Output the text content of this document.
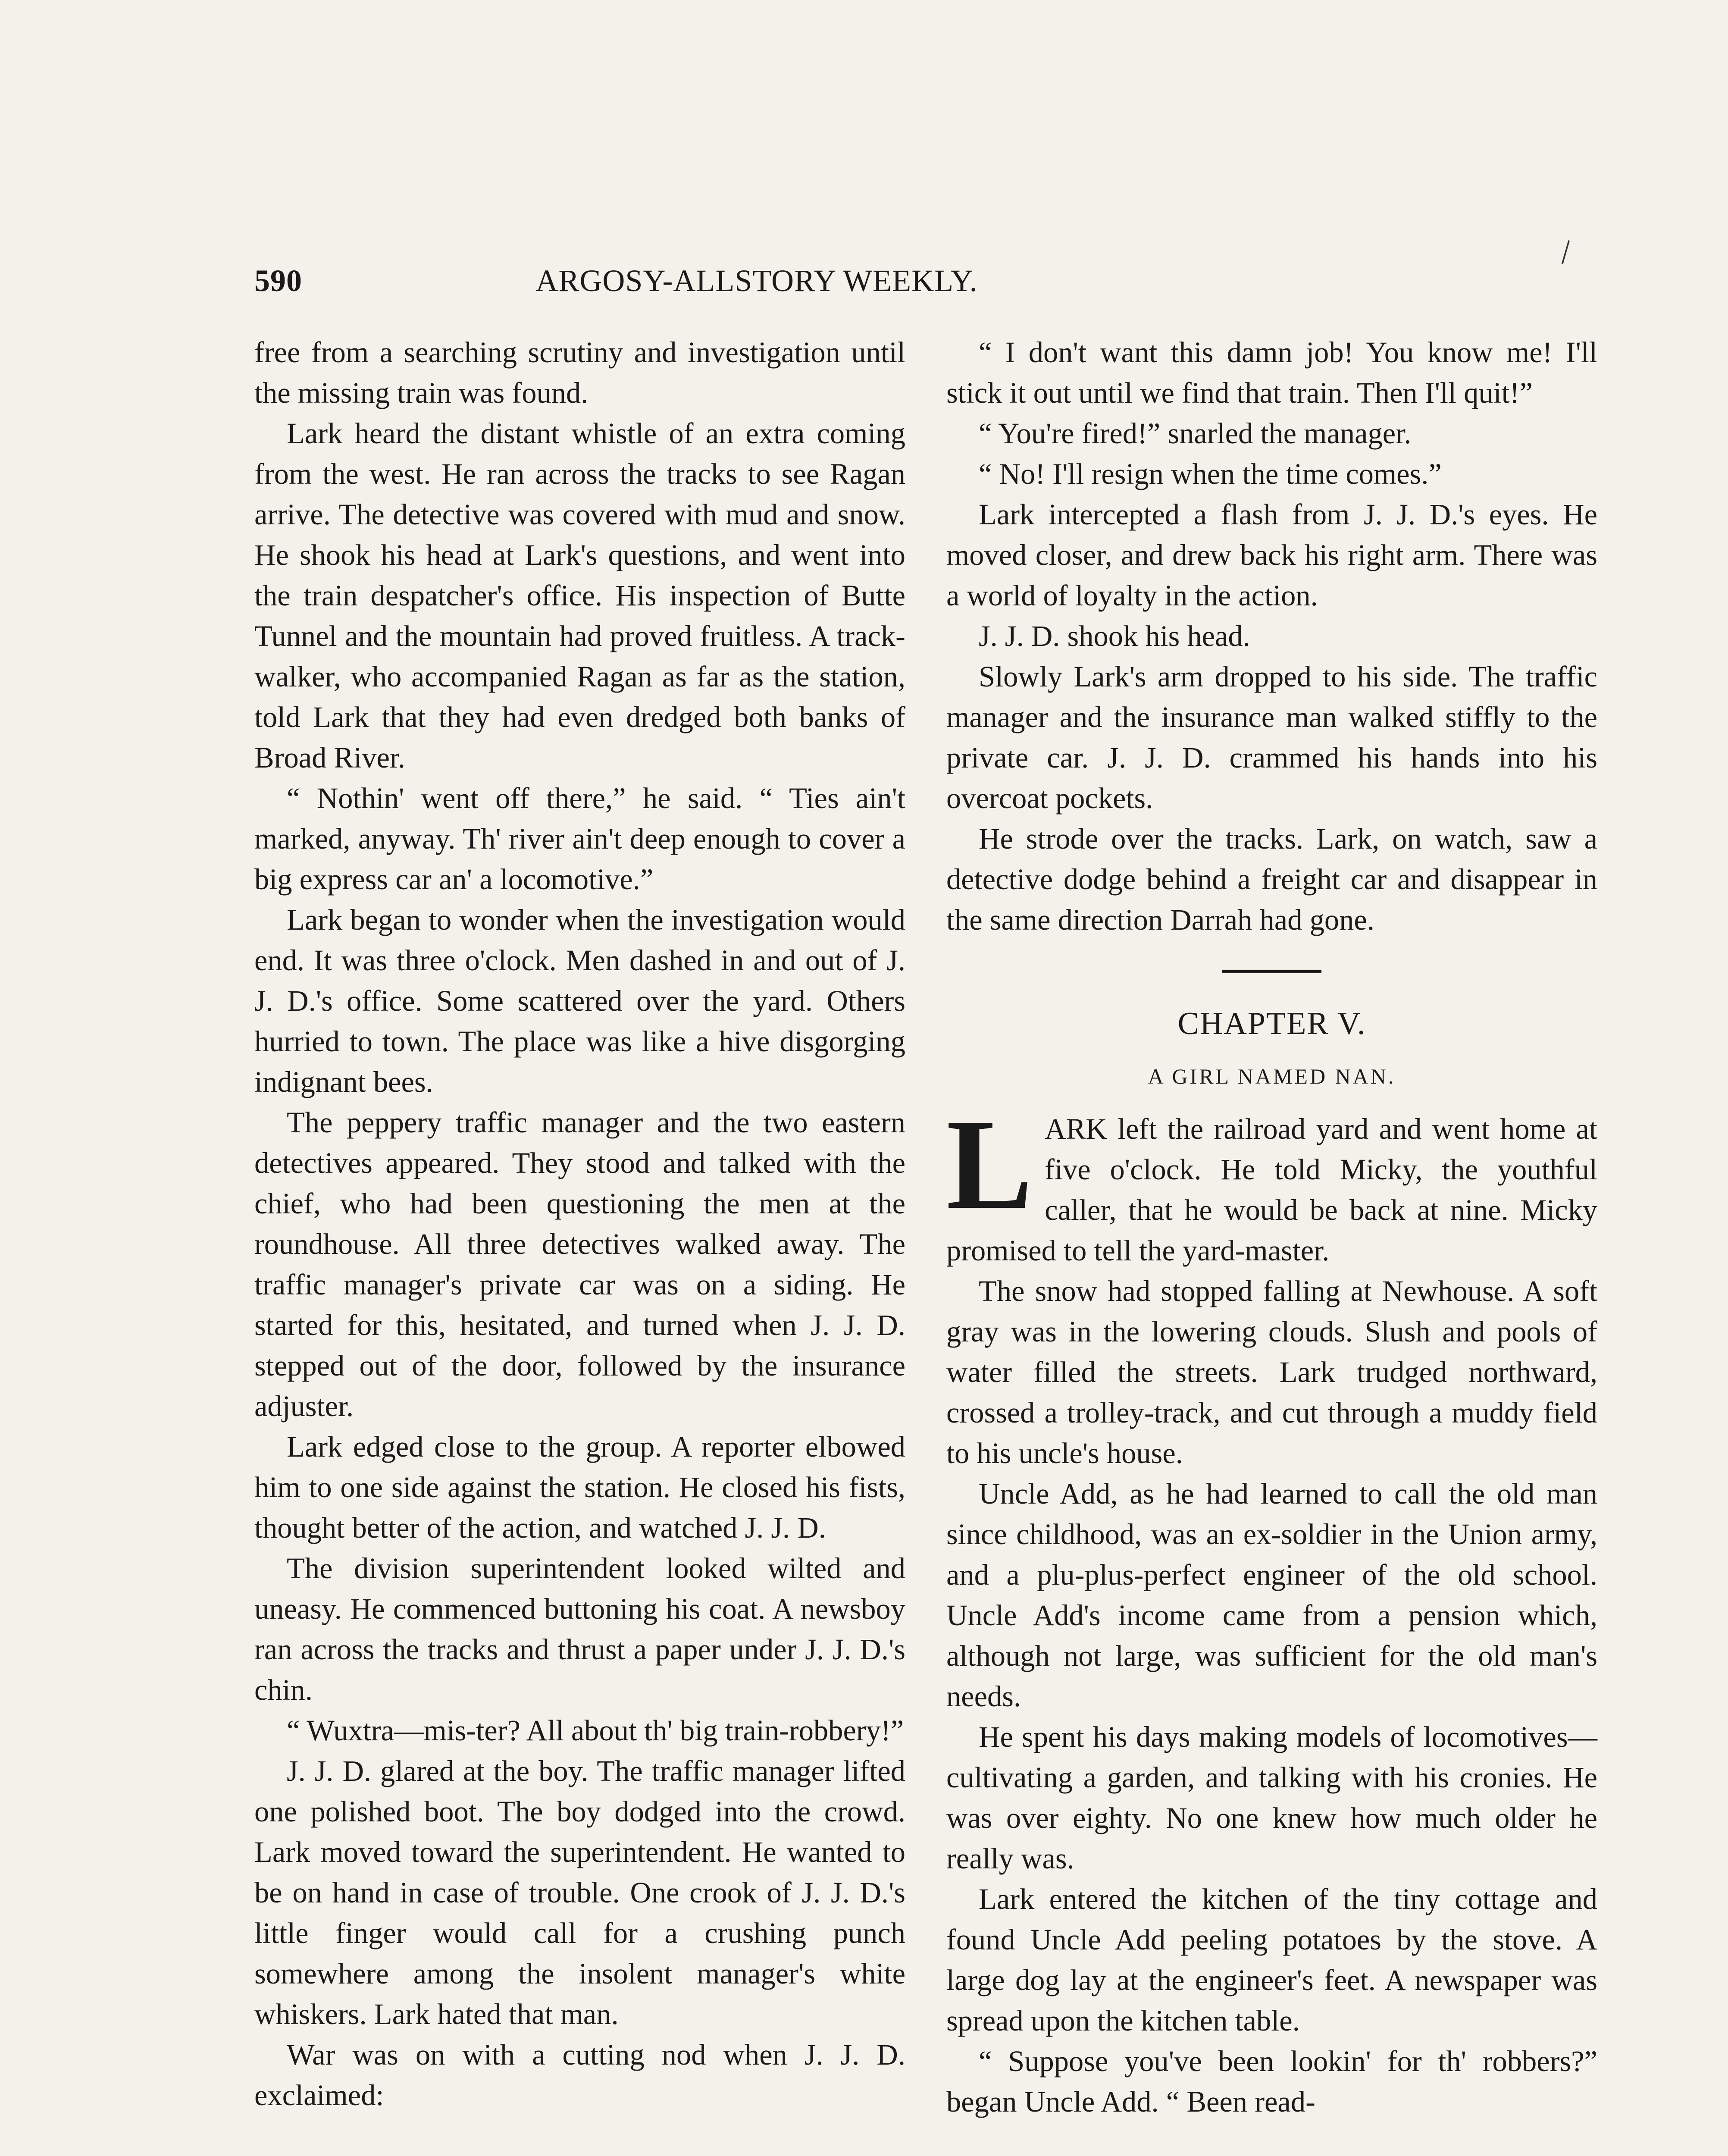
590	ARGOSY-ALLSTORY WEEKLY.
\

free from a searching scrutiny and investigation until the missing train was found.

Lark heard the distant whistle of an extra coming from the west. He ran across the tracks to see Ragan arrive. The detective was covered with mud and snow. He shook his head at Lark's questions, and went into the train despatcher's office. His inspection of Butte Tunnel and the mountain had proved fruitless. A track-walker, who accompanied Ragan as far as the station, told Lark that they had even dredged both banks of Broad River.

“ Nothin' went off there,” he said. “ Ties ain't marked, anyway. Th' river ain't deep enough to cover a big express car an' a locomotive.”

Lark began to wonder when the investigation would end. It was three o'clock. Men dashed in and out of J. J. D.'s office. Some scattered over the yard. Others hurried to town. The place was like a hive disgorging indignant bees.

The peppery traffic manager and the two eastern detectives appeared. They stood and talked with the chief, who had been questioning the men at the roundhouse. All three detectives walked away. The traffic manager's private car was on a siding. He started for this, hesitated, and turned when J. J. D. stepped out of the door, followed by the insurance adjuster.

Lark edged close to the group. A reporter elbowed him to one side against the station. He closed his fists, thought better of the action, and watched J. J. D.

The division superintendent looked wilted and uneasy. He commenced buttoning his coat. A newsboy ran across the tracks and thrust a paper under J. J. D.'s chin.

“ Wuxtra—mis-ter? All about th' big train-robbery!”

J. J. D. glared at the boy. The traffic manager lifted one polished boot. The boy dodged into the crowd. Lark moved toward the superintendent. He wanted to be on hand in case of trouble. One crook of J. J. D.'s little finger would call for a crushing punch somewhere among the insolent manager's white whiskers. Lark hated that man.

War was on with a cutting nod when J. J. D. exclaimed:

“ I don't want this damn job! You know me! I'll stick it out until we find that train. Then I'll quit!”

“ You're fired!” snarled the manager.

“ No! I'll resign when the time comes.”

Lark intercepted a flash from J. J. D.'s eyes. He moved closer, and drew back his right arm. There was a world of loyalty in the action.

J. J. D. shook his head.

Slowly Lark's arm dropped to his side. The traffic manager and the insurance man walked stiffly to the private car. J. J. D. crammed his hands into his overcoat pockets.

He strode over the tracks. Lark, on watch, saw a detective dodge behind a freight car and disappear in the same direction Darrah had gone.

CHAPTER V.
A GIRL NAMED NAN.

LARK left the railroad yard and went home at five o'clock. He told Micky, the youthful caller, that he would be back at nine. Micky promised to tell the yard-master.

The snow had stopped falling at Newhouse. A soft gray was in the lowering clouds. Slush and pools of water filled the streets. Lark trudged northward, crossed a trolley-track, and cut through a muddy field to his uncle's house.

Uncle Add, as he had learned to call the old man since childhood, was an ex-soldier in the Union army, and a plu-plus-perfect engineer of the old school. Uncle Add's income came from a pension which, although not large, was sufficient for the old man's needs.

He spent his days making models of locomotives—cultivating a garden, and talking with his cronies. He was over eighty. No one knew how much older he really was.

Lark entered the kitchen of the tiny cottage and found Uncle Add peeling potatoes by the stove. A large dog lay at the engineer's feet. A newspaper was spread upon the kitchen table.

“ Suppose you've been lookin' for th' robbers?” began Uncle Add. “ Been read-
